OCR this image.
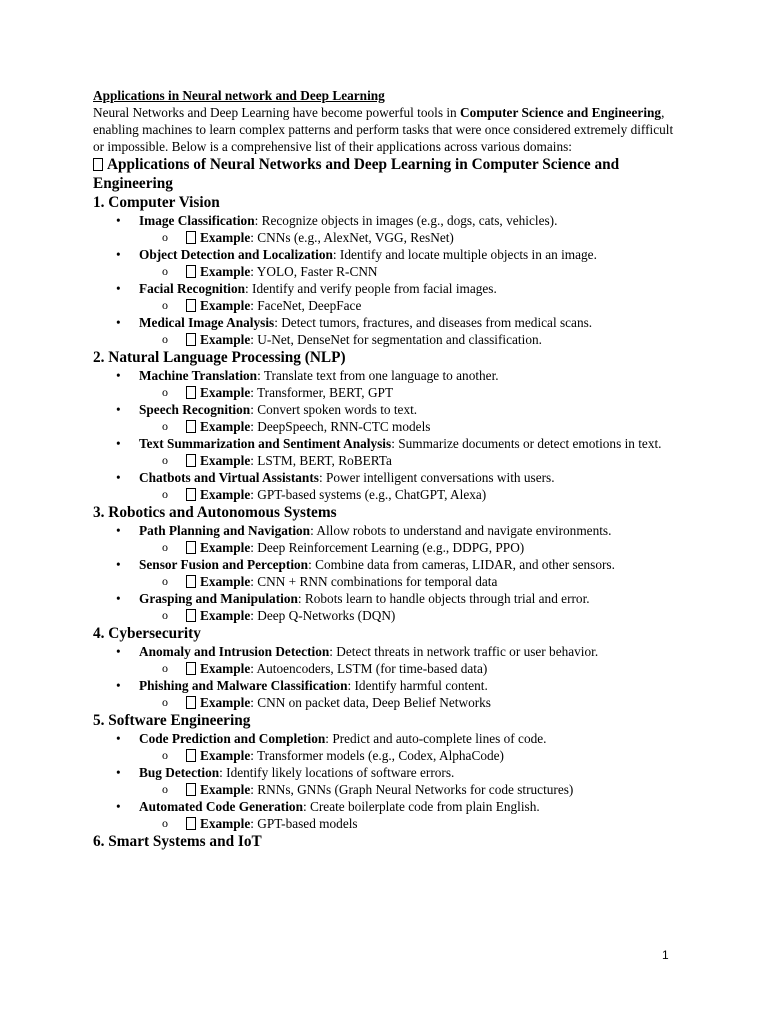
Applications in Neural network and Deep Learning

Neural Networks and Deep Learning have become powerful tools in Computer Science and Engineering, enabling machines to learn complex patterns and perform tasks that were once considered extremely difficult or impossible. Below is a comprehensive list of their applications across various domains:

Applications of Neural Networks and Deep Learning in Computer Science and Engineering

1. Computer Vision

• Image Classification: Recognize objects in images (e.g., dogs, cats, vehicles).
o Example: CNNs (e.g., AlexNet, VGG, ResNet)
• Object Detection and Localization: Identify and locate multiple objects in an image.
o Example: YOLO, Faster R-CNN
• Facial Recognition: Identify and verify people from facial images.
o Example: FaceNet, DeepFace
• Medical Image Analysis: Detect tumors, fractures, and diseases from medical scans.
o Example: U-Net, DenseNet for segmentation and classification.

2. Natural Language Processing (NLP)

• Machine Translation: Translate text from one language to another.
o Example: Transformer, BERT, GPT
• Speech Recognition: Convert spoken words to text.
o Example: DeepSpeech, RNN-CTC models
• Text Summarization and Sentiment Analysis: Summarize documents or detect emotions in text.
o Example: LSTM, BERT, RoBERTa
• Chatbots and Virtual Assistants: Power intelligent conversations with users.
o Example: GPT-based systems (e.g., ChatGPT, Alexa)

3. Robotics and Autonomous Systems

• Path Planning and Navigation: Allow robots to understand and navigate environments.
o Example: Deep Reinforcement Learning (e.g., DDPG, PPO)
• Sensor Fusion and Perception: Combine data from cameras, LIDAR, and other sensors.
o Example: CNN + RNN combinations for temporal data
• Grasping and Manipulation: Robots learn to handle objects through trial and error.
o Example: Deep Q-Networks (DQN)

4. Cybersecurity

• Anomaly and Intrusion Detection: Detect threats in network traffic or user behavior.
o Example: Autoencoders, LSTM (for time-based data)
• Phishing and Malware Classification: Identify harmful content.
o Example: CNN on packet data, Deep Belief Networks

5. Software Engineering

• Code Prediction and Completion: Predict and auto-complete lines of code.
o Example: Transformer models (e.g., Codex, AlphaCode)
• Bug Detection: Identify likely locations of software errors.
o Example: RNNs, GNNs (Graph Neural Networks for code structures)
• Automated Code Generation: Create boilerplate code from plain English.
o Example: GPT-based models

6. Smart Systems and IoT

1
